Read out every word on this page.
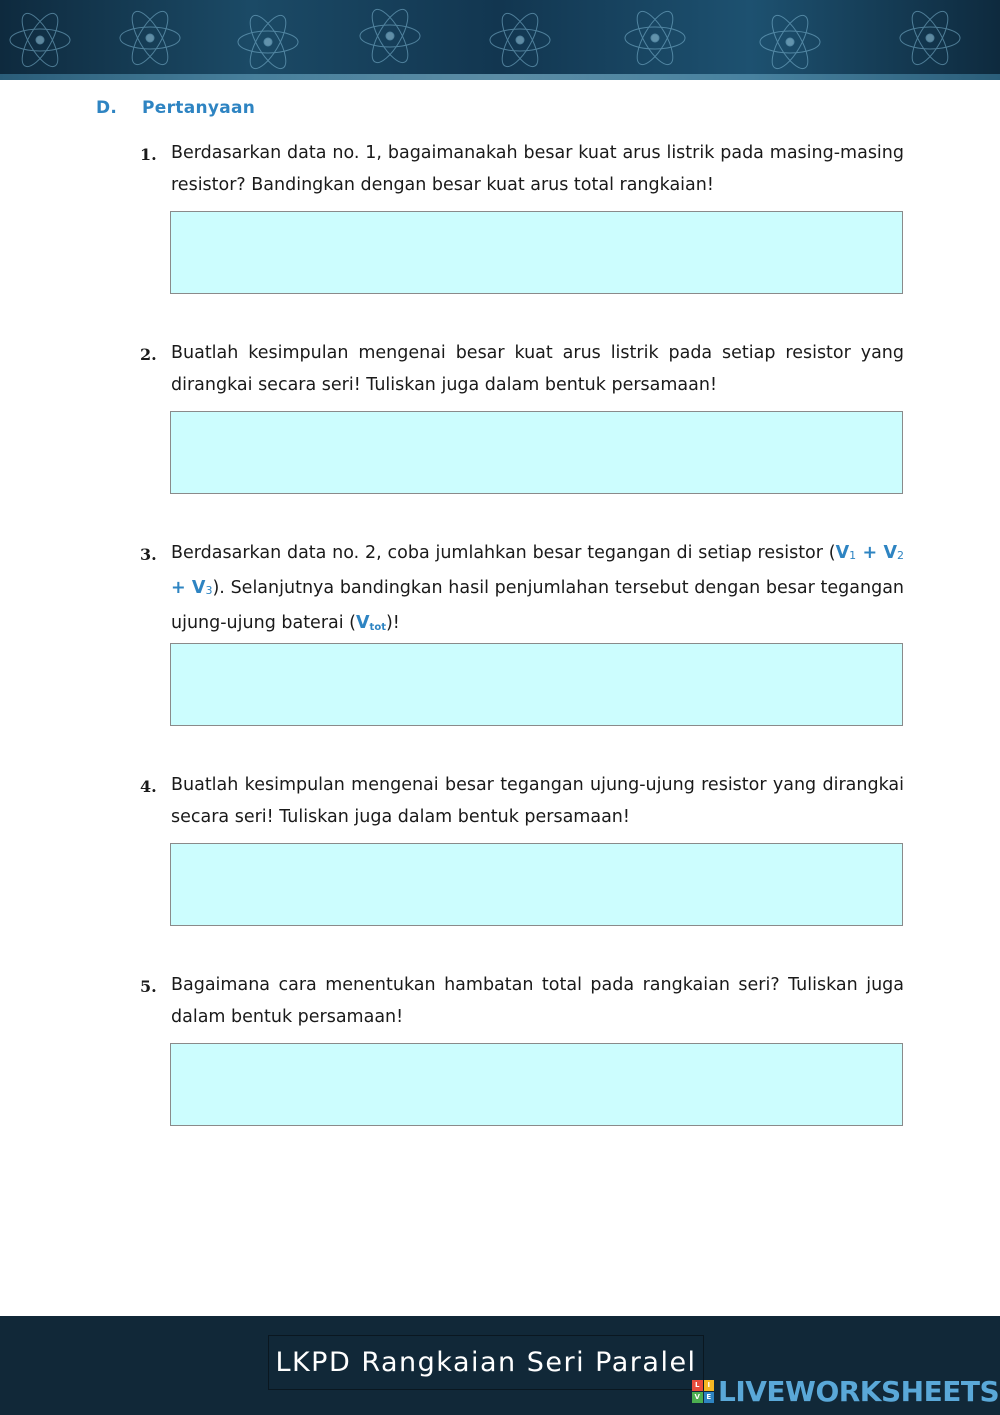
D. Pertanyaan
1. Berdasarkan data no. 1, bagaimanakah besar kuat arus listrik pada masing-masing resistor? Bandingkan dengan besar kuat arus total rangkaian!
2. Buatlah kesimpulan mengenai besar kuat arus listrik pada setiap resistor yang dirangkai secara seri! Tuliskan juga dalam bentuk persamaan!
3. Berdasarkan data no. 2, coba jumlahkan besar tegangan di setiap resistor $(V_1 + V_2 + V_3)$. Selanjutnya bandingkan hasil penjumlahan tersebut dengan besar tegangan ujung-ujung baterai $(V_{tot})$!
4. Buatlah kesimpulan mengenai besar tegangan ujung-ujung resistor yang dirangkai secara seri! Tuliskan juga dalam bentuk persamaan!
5. Bagaimana cara menentukan hambatan total pada rangkaian seri? Tuliskan juga dalam bentuk persamaan!
LKPD Rangkaian Seri Paralel
L	I
V E LIVEWORKSHEETS
